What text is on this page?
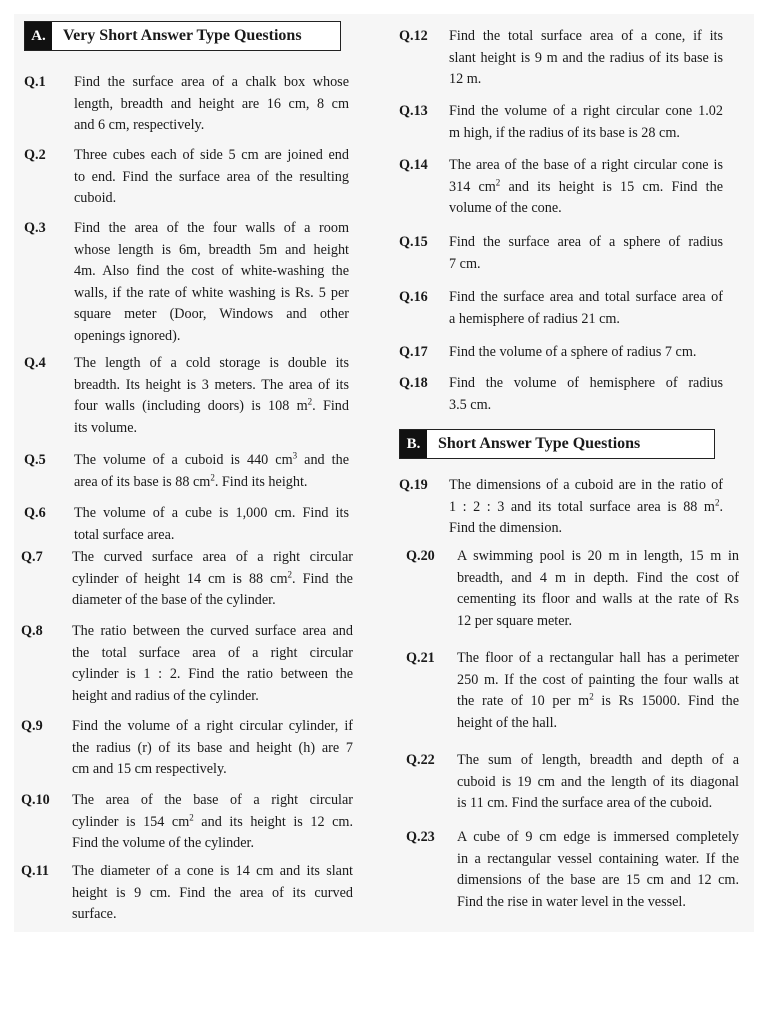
A.	Very Short Answer Type Questions
B.	Short Answer Type Questions
Q.1	Find the surface area of a chalk box whose
length, breadth and height are 16 cm, 8 cm
and 6 cm, respectively.
Q.2	Three cubes each of side 5 cm are joined end
to end. Find the surface area of the resulting
cuboid.
Q.3	Find the area of the four walls of a room
whose length is 6m, breadth 5m and height
4m. Also find the cost of white-washing the
walls, if the rate of white washing is Rs. 5 per
square meter (Door, Windows and other
openings ignored).
Q.4	The length of a cold storage is double its
breadth. Its height is 3 meters. The area of its
four walls (including doors) is 108 $m^2$. Find
its volume.
Q.5	The volume of a cuboid is 440 $cm^3$ and the
area of its base is 88 $cm^2$. Find its height.
Q.6	The volume of a cube is 1,000 cm. Find its
total surface area.
Q.7	The curved surface area of a right circular
cylinder of height 14 cm is 88 $cm^2$. Find the
diameter of the base of the cylinder.
Q.8	The ratio between the curved surface area and
the total surface area of a right circular
cylinder is 1 : 2. Find the ratio between the
height and radius of the cylinder.
Q.9	Find the volume of a right circular cylinder, if
the radius (r) of its base and height (h) are 7
cm and 15 cm respectively.
Q.10	The area of the base of a right circular
cylinder is 154 $cm^2$ and its height is 12 cm.
Find the volume of the cylinder.
Q.11	The diameter of a cone is 14 cm and its slant
height is 9 cm. Find the area of its curved
surface.
Q.12	Find the total surface area of a cone, if its
slant height is 9 m and the radius of its base is
12 m.
Q.13	Find the volume of a right circular cone 1.02
m high, if the radius of its base is 28 cm.
Q.14	The area of the base of a right circular cone is
314 $cm^2$ and its height is 15 cm. Find the
volume of the cone.
Q.15	Find the surface area of a sphere of radius
7 cm.
Q.16	Find the surface area and total surface area of
a hemisphere of radius 21 cm.
Q.17	Find the volume of a sphere of radius 7 cm.
Q.18	Find the volume of hemisphere of radius
3.5 cm.
Q.19	The dimensions of a cuboid are in the ratio of
1 : 2 : 3 and its total surface area is 88 $m^2$.
Find the dimension.
Q.20	A swimming pool is 20 m in length, 15 m in
breadth, and 4 m in depth. Find the cost of
cementing its floor and walls at the rate of Rs
12 per square meter.
Q.21	The floor of a rectangular hall has a perimeter
250 m. If the cost of painting the four walls at
the rate of 10 per $m^2$ is Rs 15000. Find the
height of the hall.
Q.22	The sum of length, breadth and depth of a
cuboid is 19 cm and the length of its diagonal
is 11 cm. Find the surface area of the cuboid.
Q.23	A cube of 9 cm edge is immersed completely
in a rectangular vessel containing water. If the
dimensions of the base are 15 cm and 12 cm.
Find the rise in water level in the vessel.
